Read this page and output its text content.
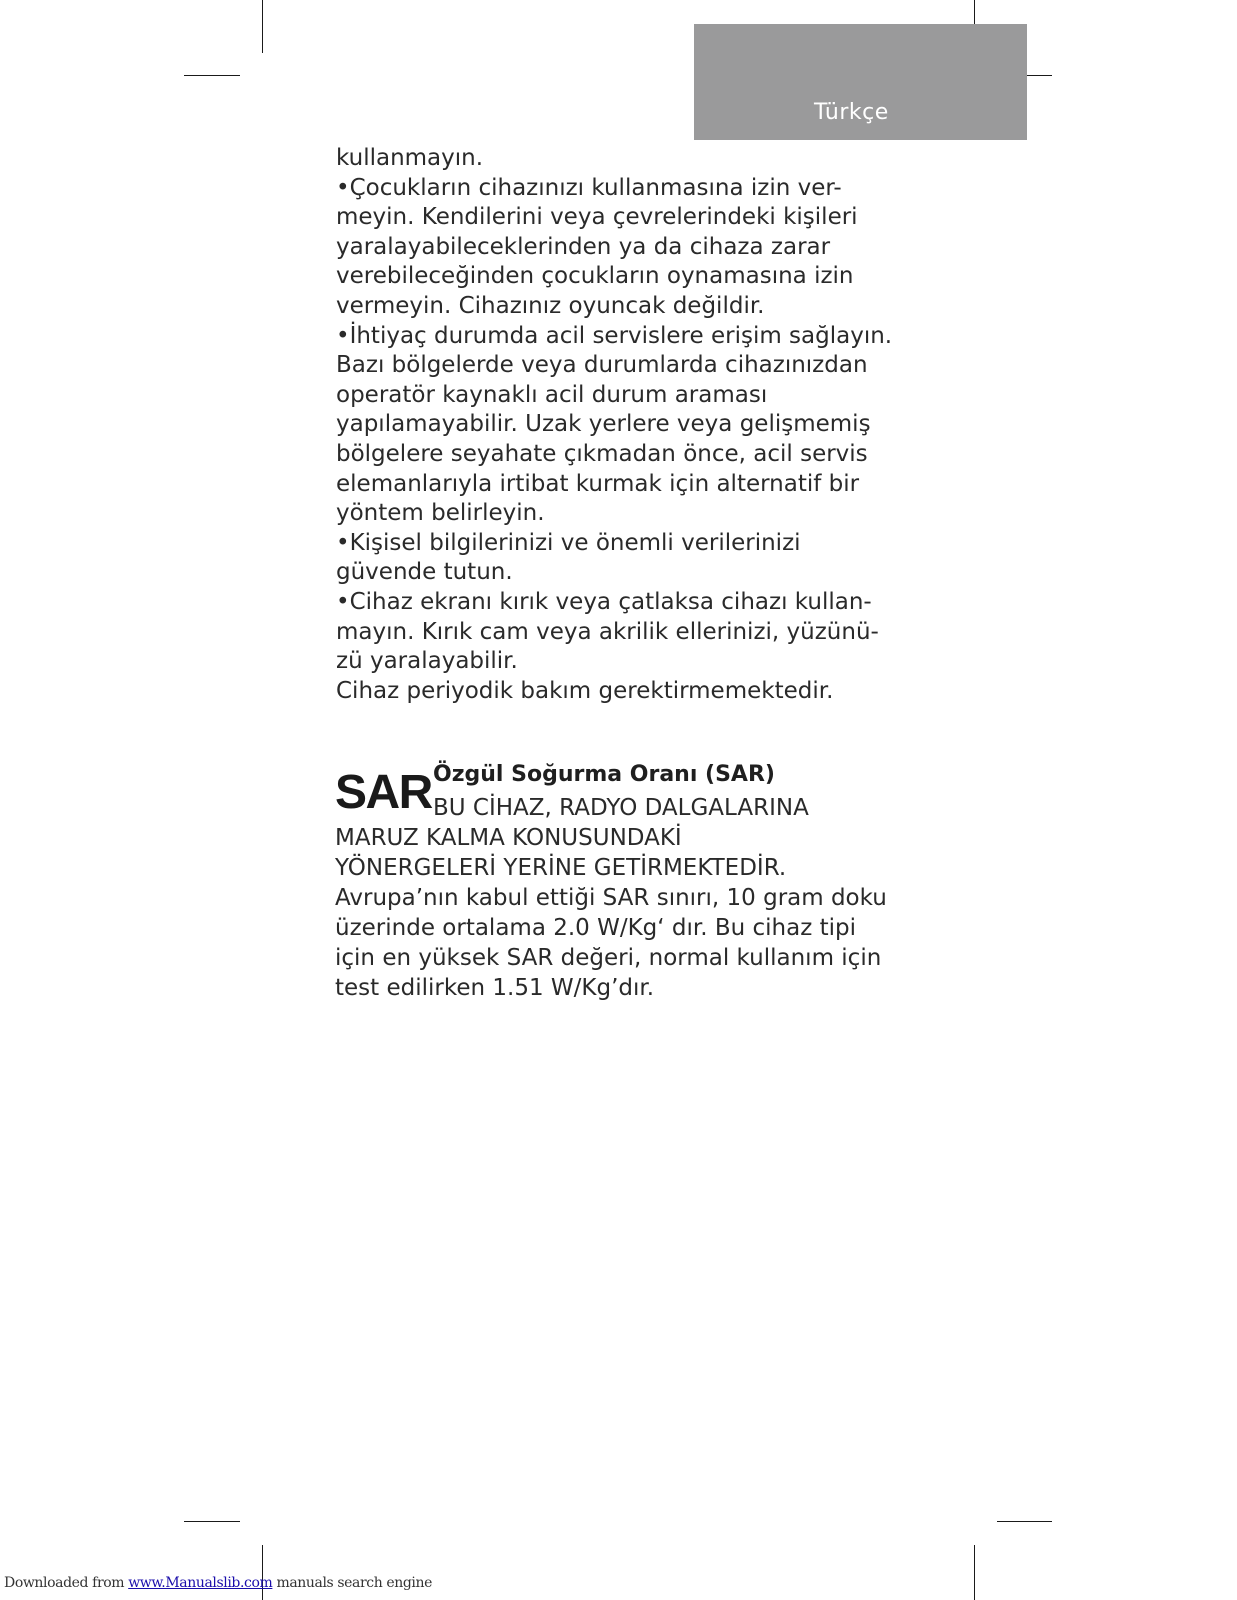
Türkçe
kullanmayın.
•Çocukların cihazınızı kullanmasına izin ver-
meyin. Kendilerini veya çevrelerindeki kişileri
yaralayabileceklerinden ya da cihaza zarar
verebileceğinden çocukların oynamasına izin
vermeyin. Cihazınız oyuncak değildir.
•İhtiyaç durumda acil servislere erişim sağlayın.
Bazı bölgelerde veya durumlarda cihazınızdan
operatör kaynaklı acil durum araması
yapılamayabilir. Uzak yerlere veya gelişmemiş
bölgelere seyahate çıkmadan önce, acil servis
elemanlarıyla irtibat kurmak için alternatif bir
yöntem belirleyin.
•Kişisel bilgilerinizi ve önemli verilerinizi
güvende tutun.
•Cihaz ekranı kırık veya çatlaksa cihazı kullan-
mayın. Kırık cam veya akrilik ellerinizi, yüzünü-
zü yaralayabilir.
Cihaz periyodik bakım gerektirmemektedir.
SAR Özgül Soğurma Oranı (SAR)
BU CİHAZ, RADYO DALGALARINA
MARUZ KALMA KONUSUNDAKİ
YÖNERGELERİ YERİNE GETİRMEKTEDİR.
Avrupa’nın kabul ettiği SAR sınırı, 10 gram doku
üzerinde ortalama 2.0 W/Kg‘ dır. Bu cihaz tipi
için en yüksek SAR değeri, normal kullanım için
test edilirken 1.51 W/Kg’dır.
Downloaded from www.Manualslib.com manuals search engine
